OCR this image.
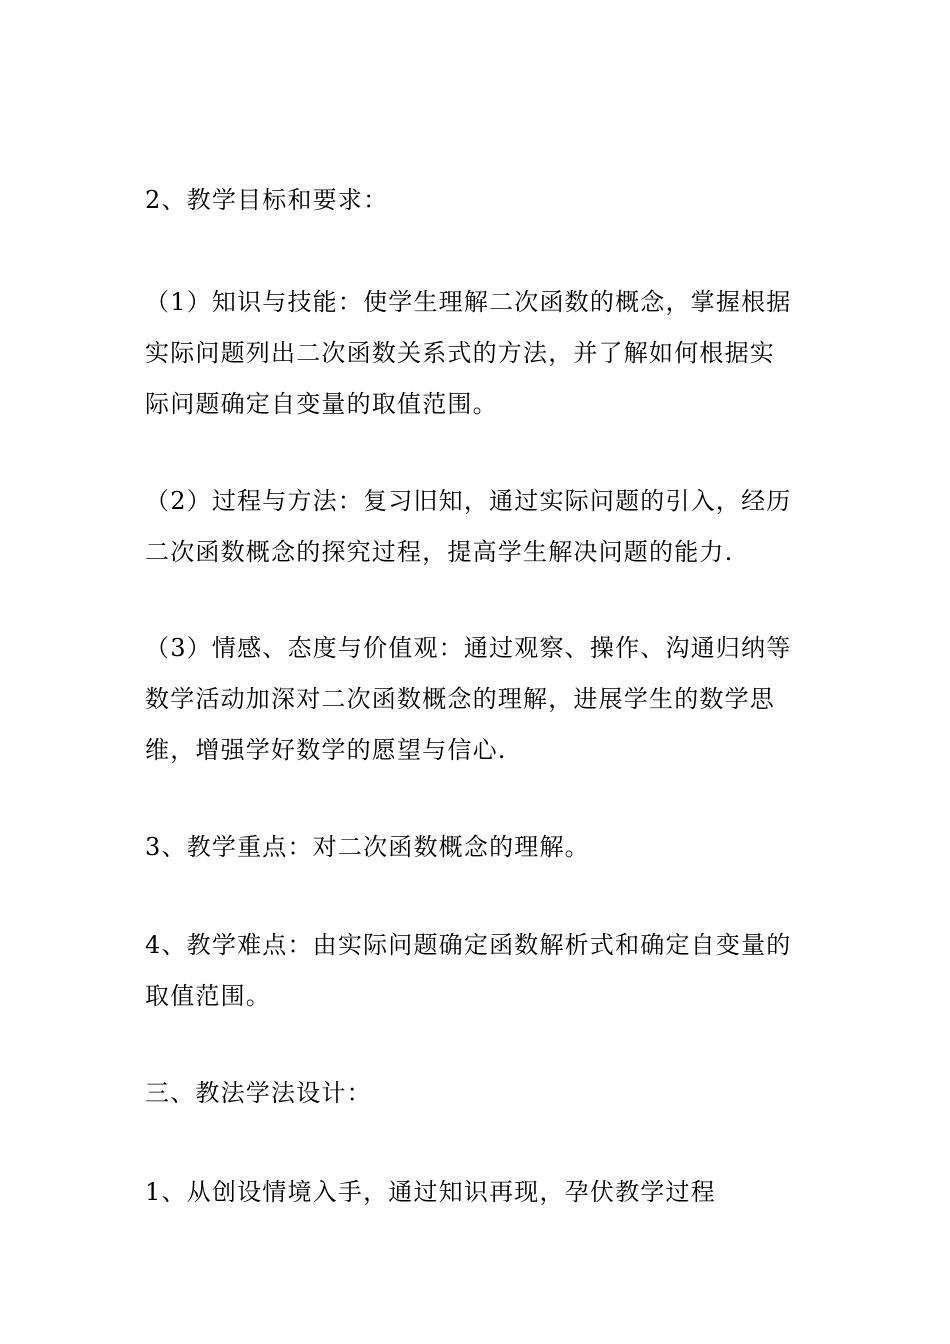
2、教学目标和要求：

（1）知识与技能：使学生理解二次函数的概念，掌握根据
实际问题列出二次函数关系式的方法，并了解如何根据实
际问题确定自变量的取值范围。

（2）过程与方法：复习旧知，通过实际问题的引入，经历
二次函数概念的探究过程，提高学生解决问题的能力.

（3）情感、态度与价值观：通过观察、操作、沟通归纳等
数学活动加深对二次函数概念的理解，进展学生的数学思
维，增强学好数学的愿望与信心.

3、教学重点：对二次函数概念的理解。

4、教学难点：由实际问题确定函数解析式和确定自变量的
取值范围。

三、教法学法设计：

1、从创设情境入手，通过知识再现，孕伏教学过程
